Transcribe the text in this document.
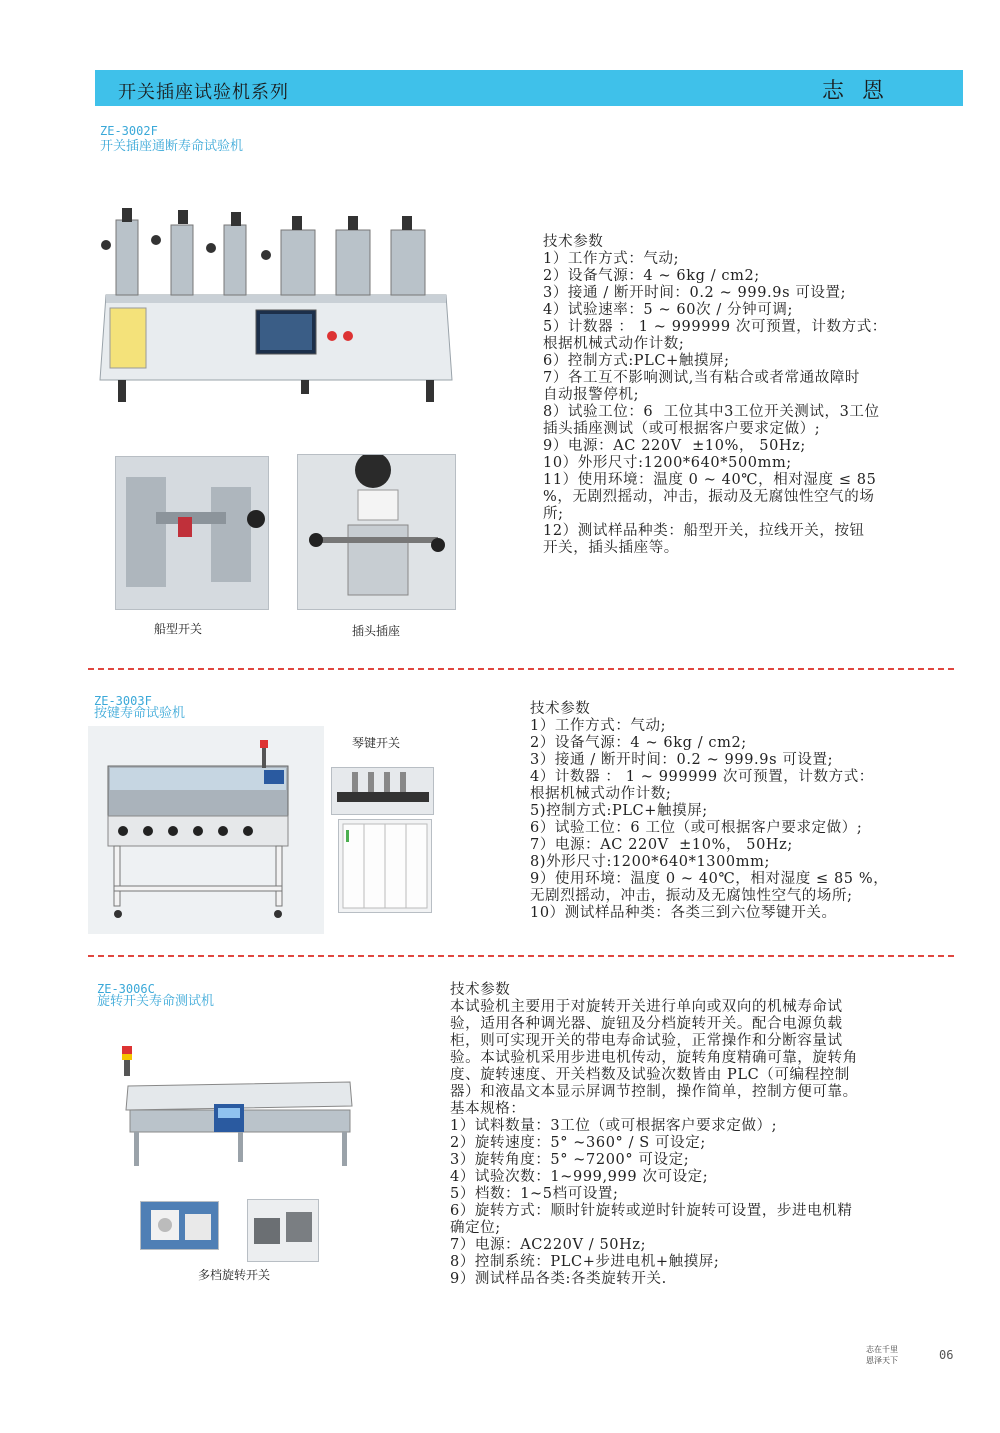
开关插座试验机系列	志恩
ZE-3002F
开关插座通断寿命试验机
船型开关	插头插座
技术参数
1）工作方式：气动;
2）设备气源：4 ~ 6kg / cm2;
3）接通 / 断开时间：0.2 ~ 999.9s 可设置;
4）试验速率：5 ~ 60次 / 分钟可调;
5）计数器 ： 1 ~ 999999 次可预置，计数方式：
根据机械式动作计数;
6）控制方式:PLC+触摸屏;
7）各工互不影响测试,当有粘合或者常通故障时
自动报警停机;
8）试验工位：6  工位其中3工位开关测试，3工位
插头插座测试（或可根据客户要求定做）;
9）电源：AC 220V  ±10%， 50Hz;
10）外形尺寸:1200*640*500mm;
11）使用环境：温度 0 ~ 40℃，相对湿度 ≤ 85
%，无剧烈摇动，冲击，振动及无腐蚀性空气的场
所;
12）测试样品种类：船型开关，拉线开关，按钮
开关，插头插座等。
ZE-3003F
按键寿命试验机
琴键开关
技术参数
1）工作方式：气动;
2）设备气源：4 ~ 6kg / cm2;
3）接通 / 断开时间：0.2 ~ 999.9s 可设置;
4）计数器 ： 1 ~ 999999 次可预置，计数方式：
根据机械式动作计数;
5)控制方式:PLC+触摸屏;
6）试验工位：6 工位（或可根据客户要求定做）;
7）电源：AC 220V  ±10%， 50Hz;
8)外形尺寸:1200*640*1300mm;
9）使用环境：温度 0 ~ 40℃，相对湿度 ≤ 85 %，
无剧烈摇动，冲击，振动及无腐蚀性空气的场所;
10）测试样品种类：各类三到六位琴键开关。
ZE-3006C
旋转开关寿命测试机
多档旋转开关
技术参数
本试验机主要用于对旋转开关进行单向或双向的机械寿命试
验，适用各种调光器、旋钮及分档旋转开关。配合电源负载
柜，则可实现开关的带电寿命试验，正常操作和分断容量试
验。本试验机采用步进电机传动，旋转角度精确可靠，旋转角
度、旋转速度、开关档数及试验次数皆由 PLC（可编程控制
器）和液晶文本显示屏调节控制，操作简单，控制方便可靠。
基本规格：
1）试料数量：3工位（或可根据客户要求定做）;
2）旋转速度：5° ~360° / S 可设定;
3）旋转角度：5° ~7200° 可设定;
4）试验次数：1~999,999 次可设定;
5）档数：1~5档可设置;
6）旋转方式：顺时针旋转或逆时针旋转可设置，步进电机精
确定位;
7）电源：AC220V / 50Hz;
8）控制系统：PLC+步进电机+触摸屏;
9）测试样品各类:各类旋转开关.
志在千里
恩泽天下	06
